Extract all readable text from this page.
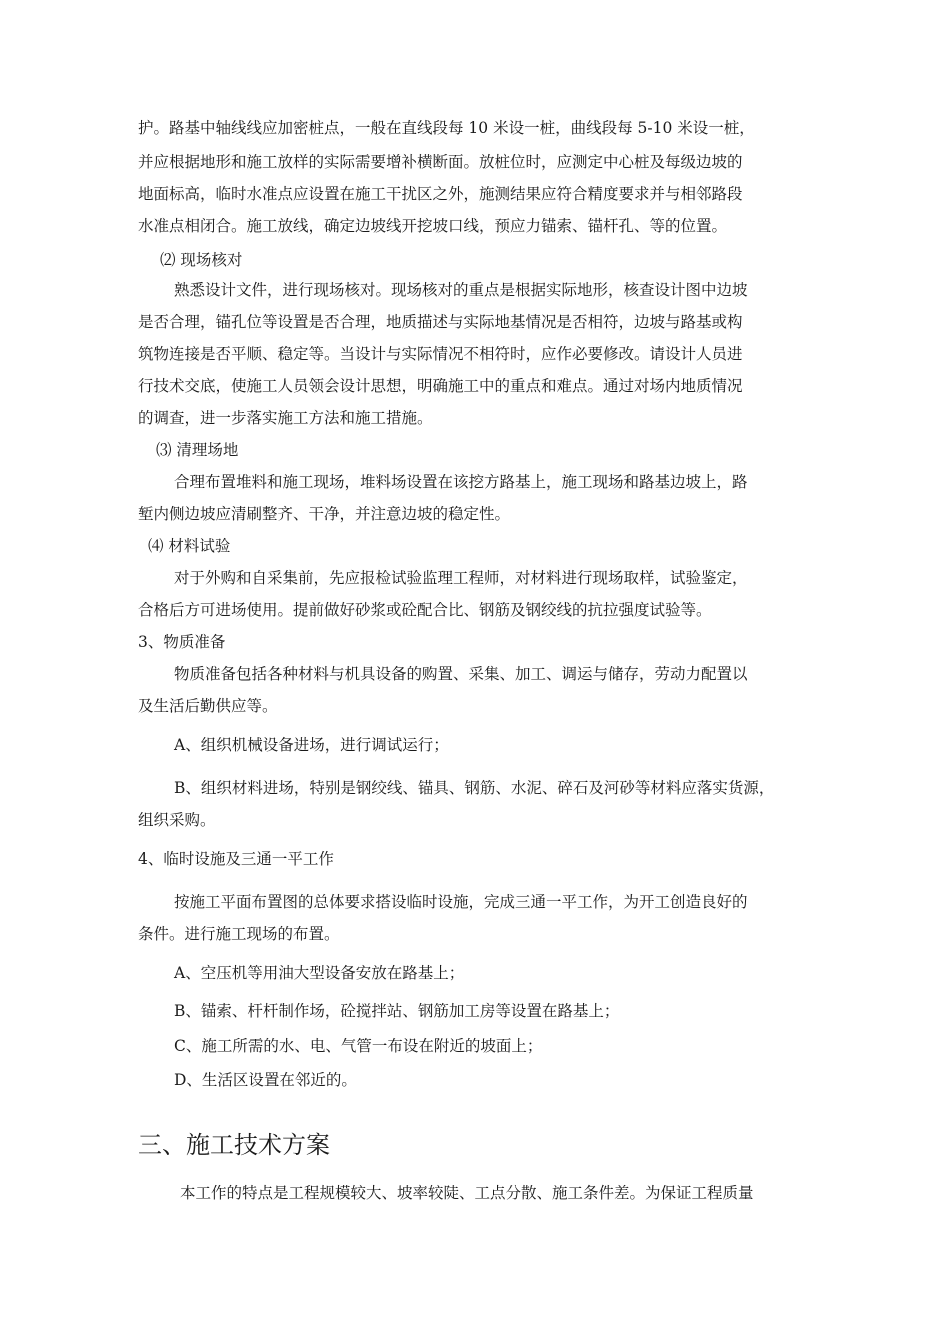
护。路基中轴线线应加密桩点，一般在直线段每 10 米设一桩，曲线段每 5-10 米设一桩，
并应根据地形和施工放样的实际需要增补横断面。放桩位时，应测定中心桩及每级边坡的
地面标高，临时水准点应设置在施工干扰区之外，施测结果应符合精度要求并与相邻路段
水准点相闭合。施工放线，确定边坡线开挖坡口线，预应力锚索、锚杆孔、等的位置。
⑵ 现场核对
熟悉设计文件，进行现场核对。现场核对的重点是根据实际地形，核查设计图中边坡
是否合理，锚孔位等设置是否合理，地质描述与实际地基情况是否相符，边坡与路基或构
筑物连接是否平顺、稳定等。当设计与实际情况不相符时，应作必要修改。请设计人员进
行技术交底，使施工人员领会设计思想，明确施工中的重点和难点。通过对场内地质情况
的调查，进一步落实施工方法和施工措施。
⑶ 清理场地
合理布置堆料和施工现场，堆料场设置在该挖方路基上，施工现场和路基边坡上，路
堑内侧边坡应清刷整齐、干净，并注意边坡的稳定性。
⑷ 材料试验
对于外购和自采集前，先应报检试验监理工程师，对材料进行现场取样，试验鉴定，
合格后方可进场使用。提前做好砂浆或砼配合比、钢筋及钢绞线的抗拉强度试验等。
3、物质准备
物质准备包括各种材料与机具设备的购置、采集、加工、调运与储存，劳动力配置以
及生活后勤供应等。
A、组织机械设备进场，进行调试运行；
B、组织材料进场，特别是钢绞线、锚具、钢筋、水泥、碎石及河砂等材料应落实货源，
组织采购。
4、临时设施及三通一平工作
按施工平面布置图的总体要求搭设临时设施，完成三通一平工作，为开工创造良好的
条件。进行施工现场的布置。
A、空压机等用油大型设备安放在路基上；
B、锚索、杆杆制作场，砼搅拌站、钢筋加工房等设置在路基上；
C、施工所需的水、电、气管一布设在附近的坡面上；
D、生活区设置在邻近的。
三、施工技术方案
本工作的特点是工程规模较大、坡率较陡、工点分散、施工条件差。为保证工程质量
